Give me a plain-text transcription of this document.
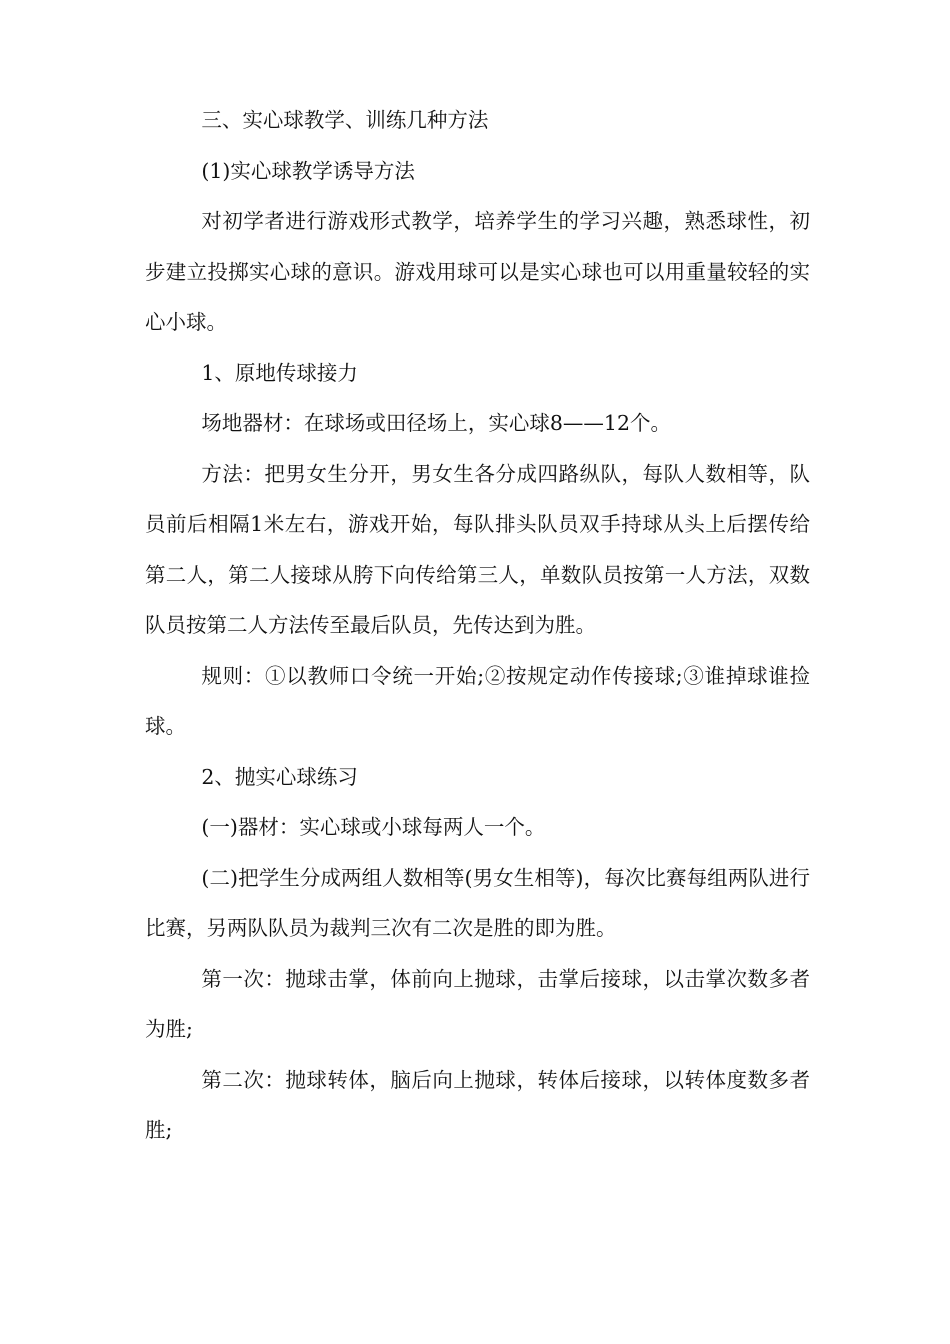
三、实心球教学、训练几种方法

(1)实心球教学诱导方法

对初学者进行游戏形式教学，培养学生的学习兴趣，熟悉球性，初步建立投掷实心球的意识。游戏用球可以是实心球也可以用重量较轻的实心小球。

1、原地传球接力

场地器材：在球场或田径场上，实心球8——12个。

方法：把男女生分开，男女生各分成四路纵队，每队人数相等，队员前后相隔1米左右，游戏开始，每队排头队员双手持球从头上后摆传给第二人，第二人接球从胯下向传给第三人，单数队员按第一人方法，双数队员按第二人方法传至最后队员，先传达到为胜。

规则：①以教师口令统一开始;②按规定动作传接球;③谁掉球谁捡球。

2、抛实心球练习

(一)器材：实心球或小球每两人一个。

(二)把学生分成两组人数相等(男女生相等)，每次比赛每组两队进行比赛，另两队队员为裁判三次有二次是胜的即为胜。

第一次：抛球击掌，体前向上抛球，击掌后接球，以击掌次数多者为胜;

第二次：抛球转体，脑后向上抛球，转体后接球，以转体度数多者胜;
